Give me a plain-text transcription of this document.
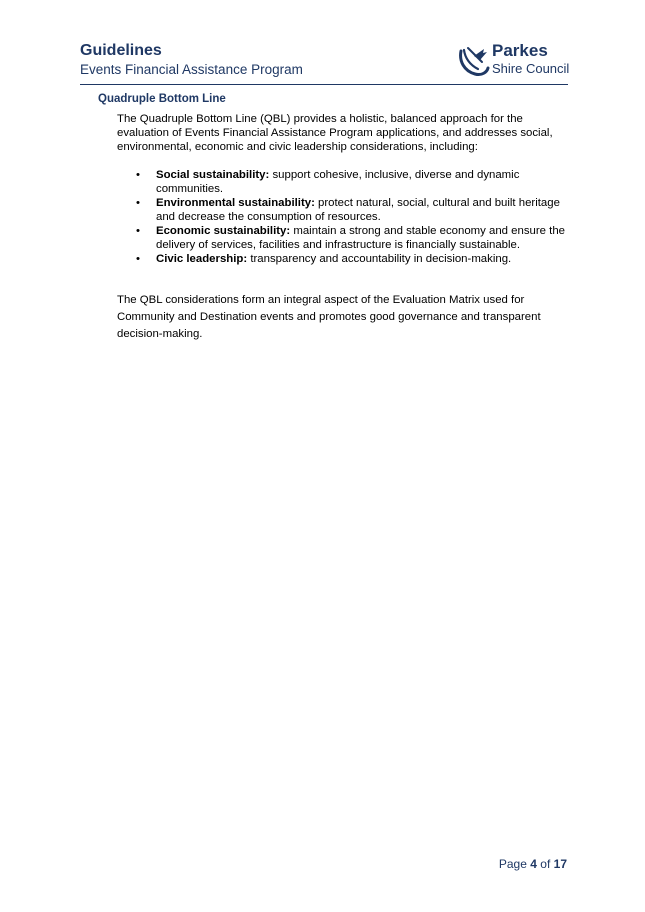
Guidelines
Events Financial Assistance Program
Parkes
Shire Council
Quadruple Bottom Line

The Quadruple Bottom Line (QBL) provides a holistic, balanced approach for the evaluation of Events Financial Assistance Program applications, and addresses social, environmental, economic and civic leadership considerations, including:

• Social sustainability: support cohesive, inclusive, diverse and dynamic communities.
• Environmental sustainability: protect natural, social, cultural and built heritage and decrease the consumption of resources.
• Economic sustainability: maintain a strong and stable economy and ensure the delivery of services, facilities and infrastructure is financially sustainable.
• Civic leadership: transparency and accountability in decision-making.

The QBL considerations form an integral aspect of the Evaluation Matrix used for Community and Destination events and promotes good governance and transparent decision-making.

Page 4 of 17
